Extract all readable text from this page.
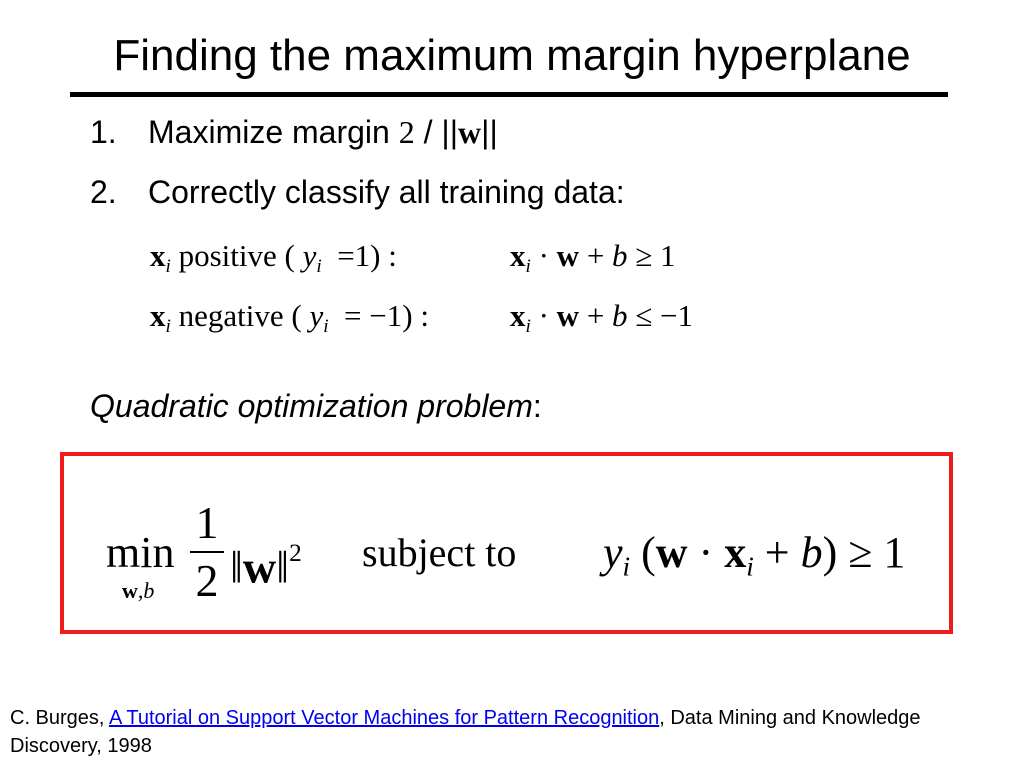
Finding the maximum margin hyperplane
1. Maximize margin 2 / ||w||
2. Correctly classify all training data:
$x_i$ positive ( $y_i =1$) :	$x_i \cdot w + b \ge 1$
$x_i$ negative ( $y_i = -1$) :	$x_i \cdot w + b \le -1$
Quadratic optimization problem:
min
w,b
1
2 ‖w‖$^2$ subject to $y_i$ $(w \cdot x_i + b) \ge 1$
C. Burges, A Tutorial on Support Vector Machines for Pattern Recognition, Data Mining and Knowledge Discovery, 1998
